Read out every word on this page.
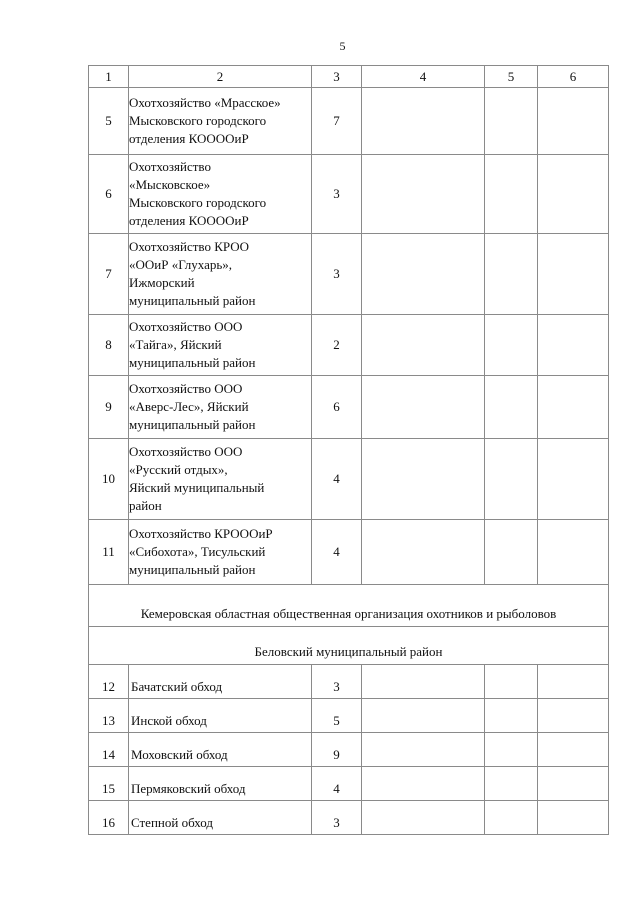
5
1	2	3	4	5	6
5	Охотхозяйство «Мрасское»
Мысковского городского
отделения КОООOиР	7			
6	Охотхозяйство
«Мысковское»
Мысковского городского
отделения КОООOиР	3			
7	Охотхозяйство КРОО
«ООиР «Глухарь»,
Ижморский
муниципальный район	3			
8	Охотхозяйство ООО
«Тайга», Яйский
муниципальный район	2			
9	Охотхозяйство ООО
«Аверс-Лес», Яйский
муниципальный район	6			
10	Охотхозяйство ООО
«Русский отдых»,
Яйский муниципальный
район	4			
11	Охотхозяйство КРОООиР
«Сибохота», Тисульский
муниципальный район	4			
Кемеровская областная общественная организация охотников и рыболовов					
Беловский муниципальный район					
12	Бачатский обход	3			
13	Инской обход	5			
14	Моховский обход	9			
15	Пермяковский обход	4			
16	Степной обход	3			
